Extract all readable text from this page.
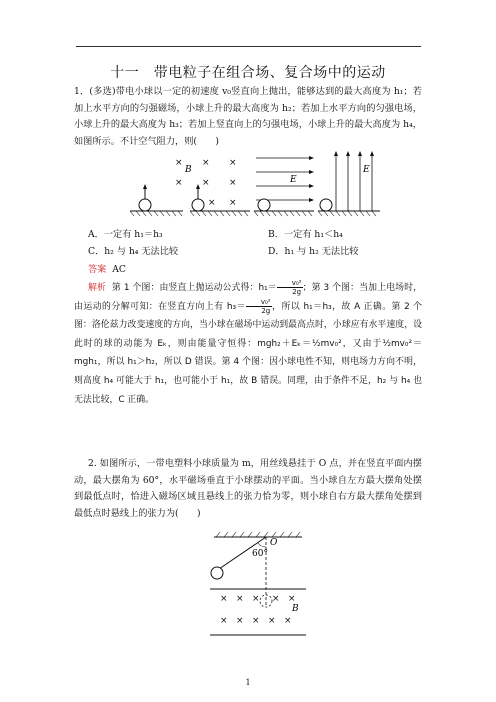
十一　带电粒子在组合场、复合场中的运动
1．(多选)带电小球以一定的初速度 v₀竖直向上抛出，能够达到的最大高度为 h₁；若加上水平方向的匀强磁场，小球上升的最大高度为 h₂；若加上水平方向的匀强电场，小球上升的最大高度为 h₃；若加上竖直向上的匀强电场，小球上升的最大高度为 h₄，如图所示。不计空气阻力，则(　　)
× × ×
× × ×
× ×
B
E
E
A．一定有 h₁＝h₃	B．一定有 h₁＜h₄
C．h₂ 与 h₄ 无法比较	D．h₁ 与 h₂ 无法比较
答案 AC
解析 第 1 个图：由竖直上抛运动公式得：$h_1= \frac{\text{v₀²}}{2g}$ ；第 3 个图：当加上电场时，由运动的分解可知：在竖直方向上有 $h_3= \frac{\text{v₀²}}{2g}$ ，所以 h₁＝h₃，故 A 正确。第 2 个图：洛伦兹力改变速度的方向，当小球在磁场中运动到最高点时，小球应有水平速度，设此时的球的动能为 Eₖ，则由能量守恒得：mgh₂＋Eₖ＝½mv₀²，又由于½mv₀²＝mgh₁，所以 h₁＞h₂，所以 D 错误。第 4 个图：因小球电性不知，则电场力方向不明，则高度 h₄ 可能大于 h₁，也可能小于 h₁，故 B 错误。同理，由于条件不足，h₂ 与 h₄ 也无法比较，C 正确。
2. 如图所示，一带电塑料小球质量为 m，用丝线悬挂于 O 点，并在竖直平面内摆动，最大摆角为 60°，水平磁场垂直于小球摆动的平面。当小球自左方最大摆角处摆到最低点时，恰进入磁场区域且悬线上的张力恰为零，则小球自右方最大摆角处摆到最低点时悬线上的张力为(　　)
O
60°
× × × × ×
× × × × ×
B
1
